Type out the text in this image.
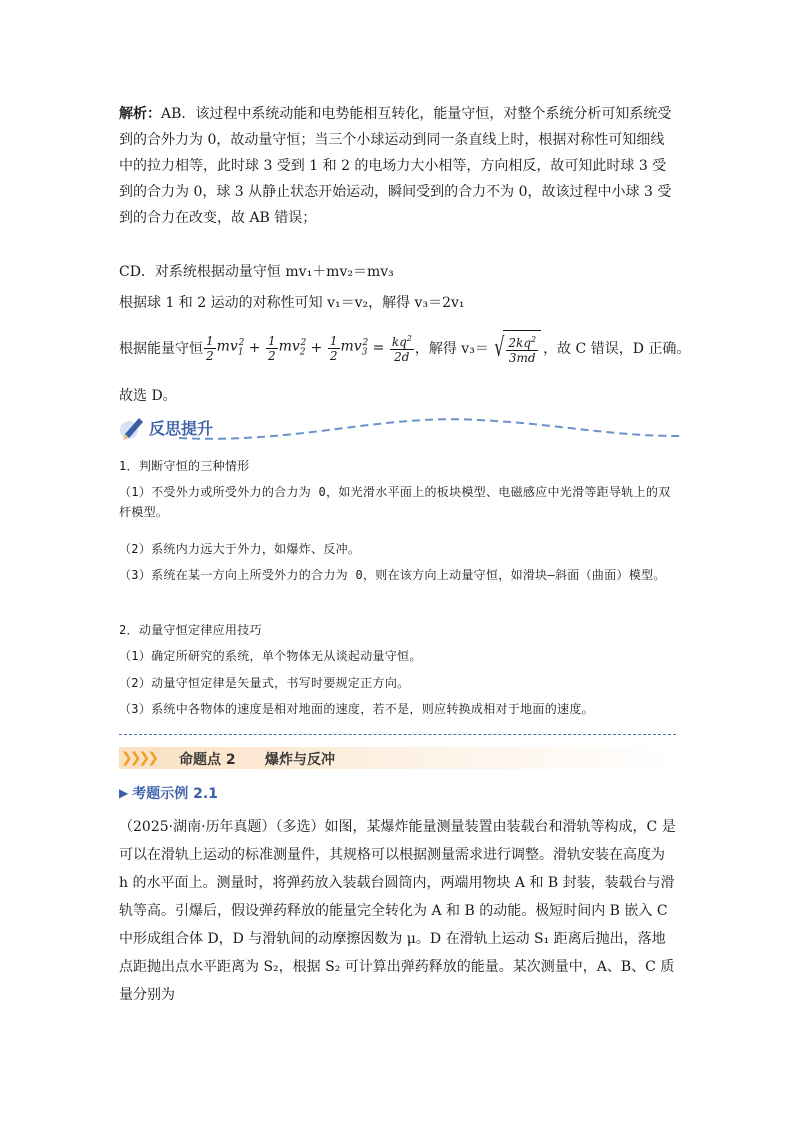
解析：AB．该过程中系统动能和电势能相互转化，能量守恒，对整个系统分析可知系统受到的合外力为 0，故动量守恒；当三个小球运动到同一条直线上时，根据对称性可知细线中的拉力相等，此时球 3 受到 1 和 2 的电场力大小相等，方向相反，故可知此时球 3 受到的合力为 0，球 3 从静止状态开始运动，瞬间受到的合力不为 0，故该过程中小球 3 受到的合力在改变，故 AB 错误；

CD．对系统根据动量守恒 mv₁＋mv₂＝mv₃
根据球 1 和 2 运动的对称性可知 v₁＝v₂，解得 v₃＝2v₁
根据能量守恒 $\frac{1}{2} mv_1^2 + \frac{1}{2} mv_2^2 + \frac{1}{2} mv_3^2 = \frac{kq^2}{2d}$ ，解得 v₃＝ √ $\frac{2kq^2}{3md}$ ，故 C 错误，D 正确。
故选 D。
反思提升
1．判断守恒的三种情形
（1）不受外力或所受外力的合力为 0，如光滑水平面上的板块模型、电磁感应中光滑等距导轨上的双杆模型。
（2）系统内力远大于外力，如爆炸、反冲。
（3）系统在某一方向上所受外力的合力为 0，则在该方向上动量守恒，如滑块—斜面（曲面）模型。
2．动量守恒定律应用技巧
（1）确定所研究的系统，单个物体无从谈起动量守恒。
（2）动量守恒定律是矢量式，书写时要规定正方向。
（3）系统中各物体的速度是相对地面的速度，若不是，则应转换成相对于地面的速度。
❯❯❯❯ 命题点 2 爆炸与反冲
▶ 考题示例 2.1

（2025·湖南·历年真题）（多选）如图，某爆炸能量测量装置由装载台和滑轨等构成，C 是可以在滑轨上运动的标准测量件，其规格可以根据测量需求进行调整。滑轨安装在高度为 h 的水平面上。测量时，将弹药放入装载台圆筒内，两端用物块 A 和 B 封装，装载台与滑轨等高。引爆后，假设弹药释放的能量完全转化为 A 和 B 的动能。极短时间内 B 嵌入 C 中形成组合体 D，D 与滑轨间的动摩擦因数为 μ。D 在滑轨上运动 S₁ 距离后抛出，落地点距抛出点水平距离为 S₂，根据 S₂ 可计算出弹药释放的能量。某次测量中，A、B、C 质量分别为
